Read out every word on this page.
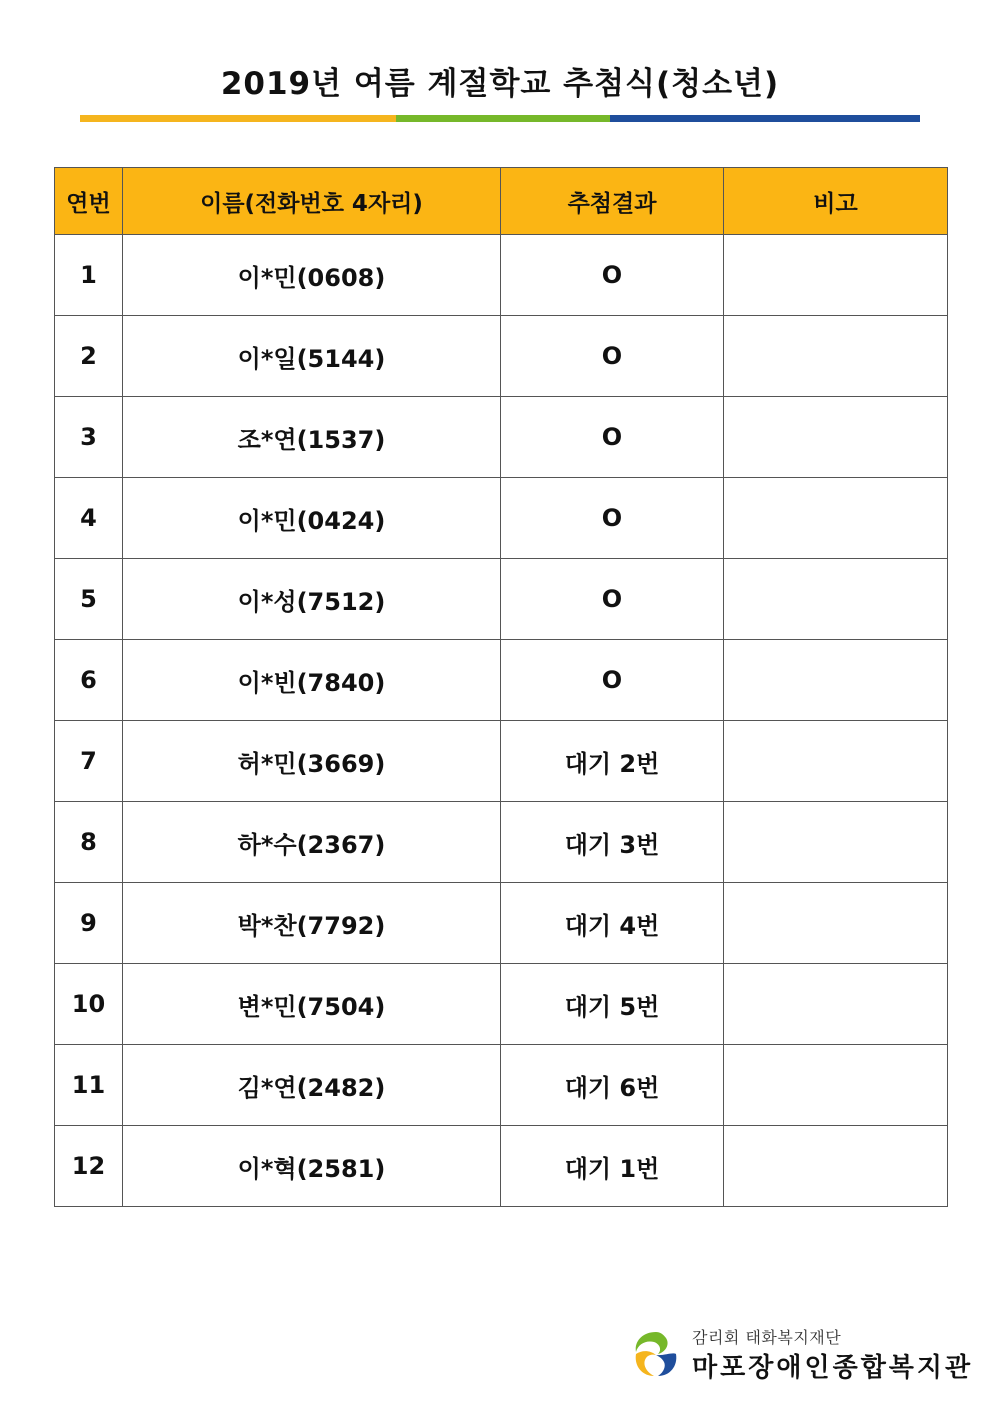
2019년 여름 계절학교 추첨식(청소년)
연번	이름(전화번호 4자리)	추첨결과	비고
1	이*민(0608)	O	
2	이*일(5144)	O	
3	조*연(1537)	O	
4	이*민(0424)	O	
5	이*성(7512)	O	
6	이*빈(7840)	O	
7	허*민(3669)	대기 2번	
8	하*수(2367)	대기 3번	
9	박*찬(7792)	대기 4번	
10	변*민(7504)	대기 5번	
11	김*연(2482)	대기 6번	
12	이*혁(2581)	대기 1번	
감리회 태화복지재단
마포장애인종합복지관
